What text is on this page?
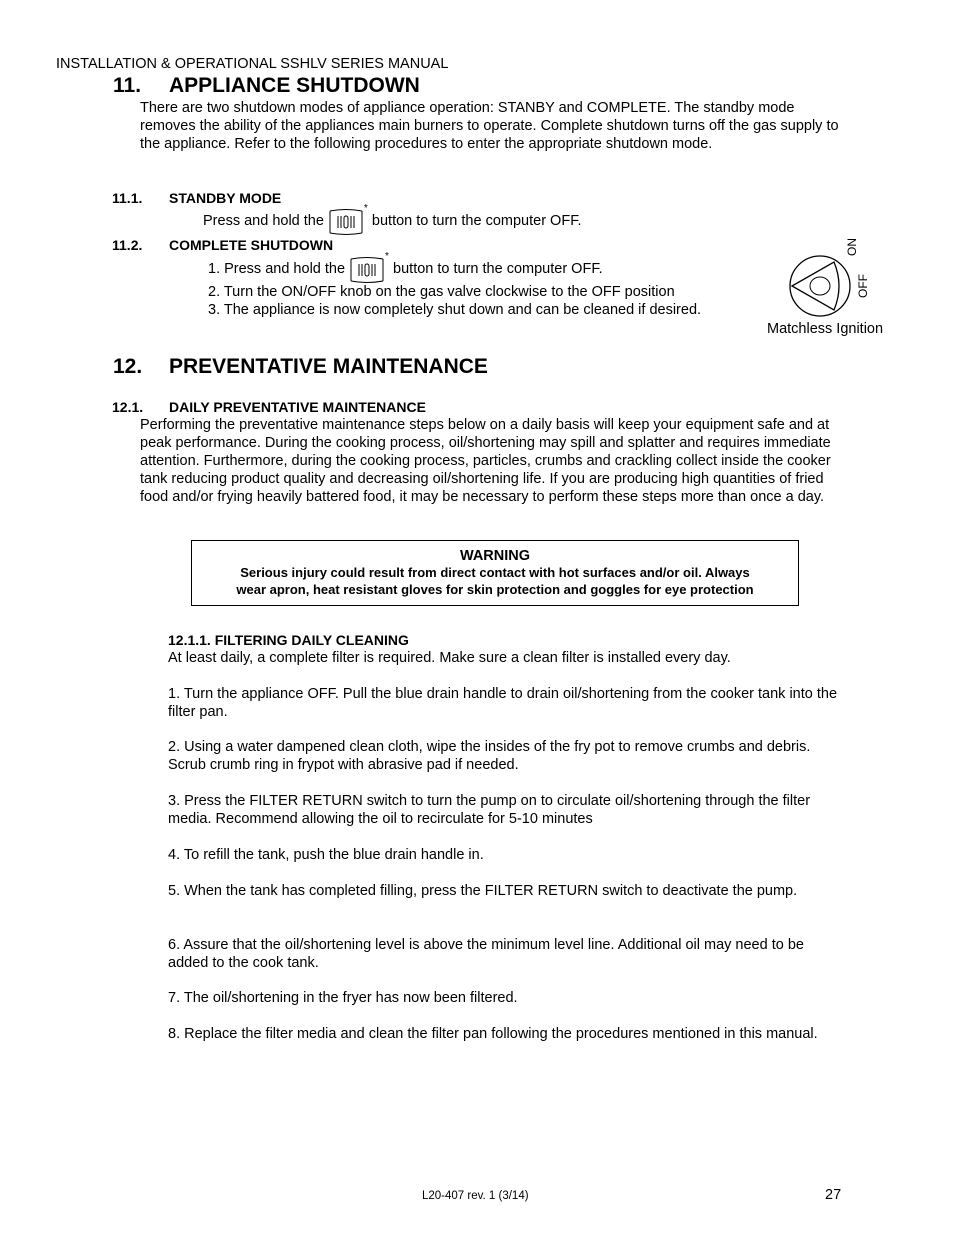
INSTALLATION & OPERATIONAL SSHLV SERIES MANUAL
11. APPLIANCE SHUTDOWN
There are two shutdown modes of appliance operation: STANBY and COMPLETE. The standby mode removes the ability of the appliances main burners to operate. Complete shutdown turns off the gas supply to the appliance. Refer to the following procedures to enter the appropriate shutdown mode.
11.1. STANDBY MODE
Press and hold the
*
button to turn the computer OFF.
11.2. COMPLETE SHUTDOWN
1. Press and hold the
*
button to turn the computer OFF.
2. Turn the ON/OFF knob on the gas valve clockwise to the OFF position
3. The appliance is now completely shut down and can be cleaned if desired.
ON
OFF
Matchless Ignition
12. PREVENTATIVE MAINTENANCE
12.1. DAILY PREVENTATIVE MAINTENANCE
Performing the preventative maintenance steps below on a daily basis will keep your equipment safe and at peak performance. During the cooking process, oil/shortening may spill and splatter and requires immediate attention. Furthermore, during the cooking process, particles, crumbs and crackling collect inside the cooker tank reducing product quality and decreasing oil/shortening life. If you are producing high quantities of fried food and/or frying heavily battered food, it may be necessary to perform these steps more than once a day.
WARNING
Serious injury could result from direct contact with hot surfaces and/or oil. Always
wear apron, heat resistant gloves for skin protection and goggles for eye protection
12.1.1. FILTERING DAILY CLEANING
At least daily, a complete filter is required. Make sure a clean filter is installed every day.
1. Turn the appliance OFF. Pull the blue drain handle to drain oil/shortening from the cooker tank into the filter pan.
2. Using a water dampened clean cloth, wipe the insides of the fry pot to remove crumbs and debris. Scrub crumb ring in frypot with abrasive pad if needed.
3. Press the FILTER RETURN switch to turn the pump on to circulate oil/shortening through the filter media. Recommend allowing the oil to recirculate for 5-10 minutes
4. To refill the tank, push the blue drain handle in.
5. When the tank has completed filling, press the FILTER RETURN switch to deactivate the pump.
6. Assure that the oil/shortening level is above the minimum level line. Additional oil may need to be added to the cook tank.
7. The oil/shortening in the fryer has now been filtered.
8. Replace the filter media and clean the filter pan following the procedures mentioned in this manual.
L20-407 rev. 1 (3/14)	27
